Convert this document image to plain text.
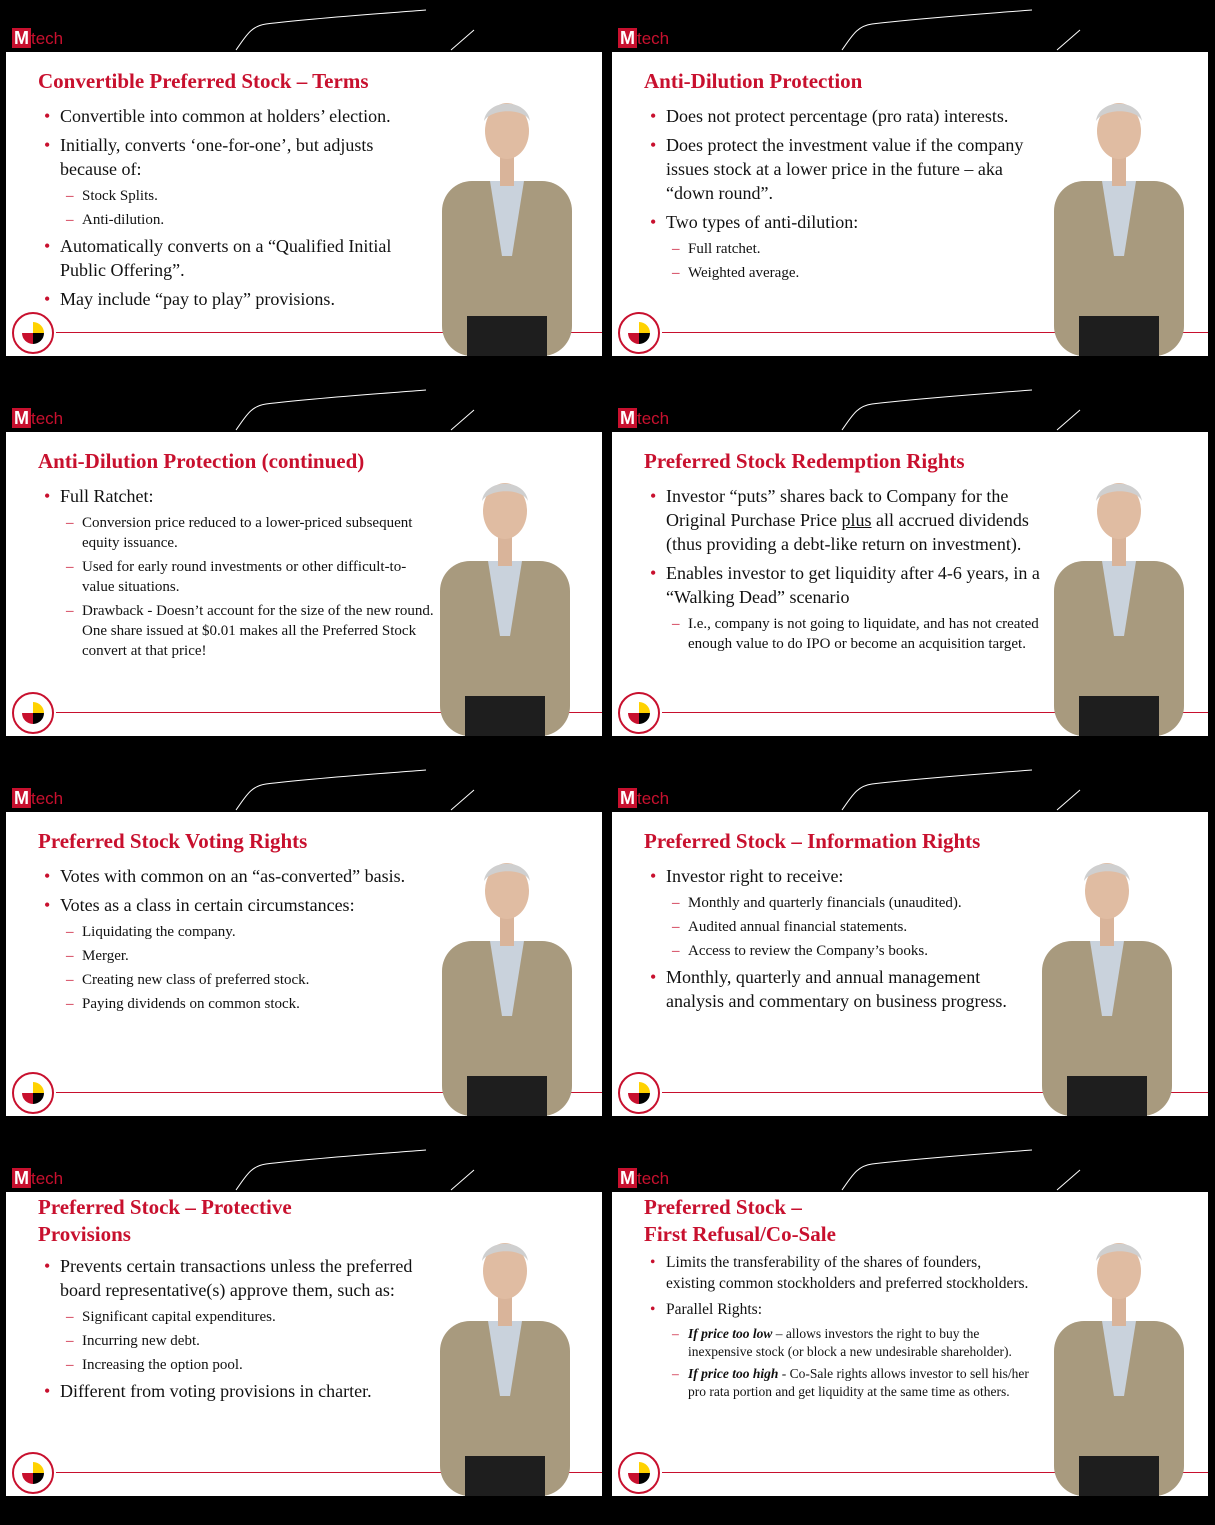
M tech
Convertible Preferred Stock – Terms
• Convertible into common at holders’ election.
• Initially, converts ‘one-for-one’, but adjusts because of:
– Stock Splits.
– Anti-dilution.
• Automatically converts on a “Qualified Initial Public Offering”.
• May include “pay to play” provisions.
M tech
Anti-Dilution Protection
• Does not protect percentage (pro rata) interests.
• Does protect the investment value if the company issues stock at a lower price in the future – aka “down round”.
• Two types of anti-dilution:
– Full ratchet.
– Weighted average.
M tech
Anti-Dilution Protection (continued)
• Full Ratchet:
– Conversion price reduced to a lower-priced subsequent equity issuance.
– Used for early round investments or other difficult-to-value situations.
– Drawback - Doesn’t account for the size of the new round. One share issued at $0.01 makes all the Preferred Stock convert at that price!
M tech
Preferred Stock Redemption Rights
• Investor “puts” shares back to Company for the Original Purchase Price plus all accrued dividends (thus providing a debt-like return on investment).
• Enables investor to get liquidity after 4-6 years, in a “Walking Dead” scenario
– I.e., company is not going to liquidate, and has not created enough value to do IPO or become an acquisition target.
M tech
Preferred Stock Voting Rights
• Votes with common on an “as-converted” basis.
• Votes as a class in certain circumstances:
– Liquidating the company.
– Merger.
– Creating new class of preferred stock.
– Paying dividends on common stock.
M tech
Preferred Stock – Information Rights
• Investor right to receive:
– Monthly and quarterly financials (unaudited).
– Audited annual financial statements.
– Access to review the Company’s books.
• Monthly, quarterly and annual management analysis and commentary on business progress.
M tech
Preferred Stock – Protective Provisions
• Prevents certain transactions unless the preferred board representative(s) approve them, such as:
– Significant capital expenditures.
– Incurring new debt.
– Increasing the option pool.
• Different from voting provisions in charter.
M tech
Preferred Stock –
First Refusal/Co-Sale
• Limits the transferability of the shares of founders, existing common stockholders and preferred stockholders.
• Parallel Rights:
– If price too low – allows investors the right to buy the inexpensive stock (or block a new undesirable shareholder).
– If price too high - Co-Sale rights allows investor to sell his/her pro rata portion and get liquidity at the same time as others.
